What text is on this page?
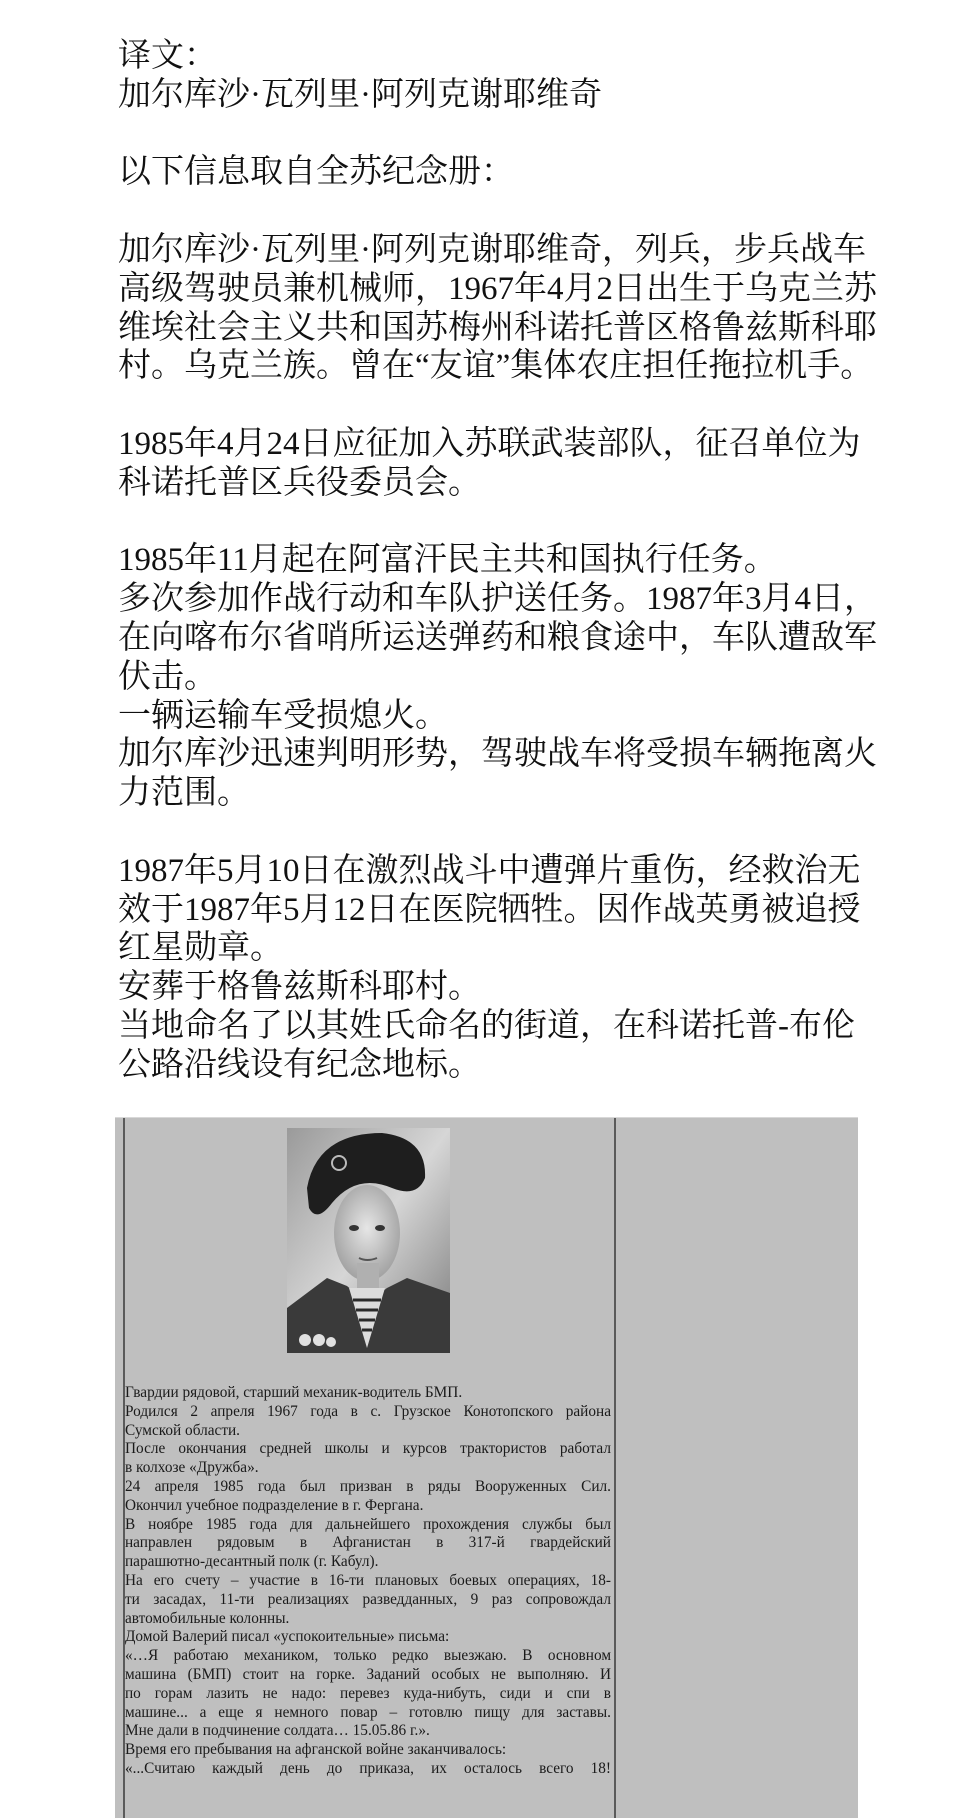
译文：
加尔库沙·瓦列里·阿列克谢耶维奇
以下信息取自全苏纪念册：
加尔库沙·瓦列里·阿列克谢耶维奇，列兵，步兵战车
高级驾驶员兼机械师，1967年4月2日出生于乌克兰苏
维埃社会主义共和国苏梅州科诺托普区格鲁兹斯科耶
村。乌克兰族。曾在“友谊”集体农庄担任拖拉机手。
1985年4月24日应征加入苏联武装部队，征召单位为
科诺托普区兵役委员会。
1985年11月起在阿富汗民主共和国执行任务。
多次参加作战行动和车队护送任务。1987年3月4日，
在向喀布尔省哨所运送弹药和粮食途中，车队遭敌军
伏击。
一辆运输车受损熄火。
加尔库沙迅速判明形势，驾驶战车将受损车辆拖离火
力范围。
1987年5月10日在激烈战斗中遭弹片重伤，经救治无
效于1987年5月12日在医院牺牲。因作战英勇被追授
红星勋章。
安葬于格鲁兹斯科耶村。
当地命名了以其姓氏命名的街道，在科诺托普-布伦
公路沿线设有纪念地标。
Гвардии рядовой, старший механик-водитель БМП.
Родился 2 апреля 1967 года в с. Грузское Конотопского района
Сумской области.
После окончания средней школы и курсов трактористов работал
в колхозе «Дружба».
24 апреля 1985 года был призван в ряды Вооруженных Сил.
Окончил учебное подразделение в г. Фергана.
В ноябре 1985 года для дальнейшего прохождения службы был
направлен рядовым в Афганистан в 317-й гвардейский
парашютно-десантный полк (г. Кабул).
На его счету – участие в 16-ти плановых боевых операциях, 18-
ти засадах, 11-ти реализациях разведданных, 9 раз сопровождал
автомобильные колонны.
Домой Валерий писал «успокоительные» письма:
«…Я работаю механиком, только редко выезжаю. В основном
машина (БМП) стоит на горке. Заданий особых не выполняю. И
по горам лазить не надо: перевез куда-нибуть, сиди и спи в
машине... а еще я немного повар – готовлю пищу для заставы.
Мне дали в подчинение солдата… 15.05.86 г.».
Время его пребывания на афганской войне заканчивалось:
«...Считаю каждый день до приказа, их осталось всего 18!
